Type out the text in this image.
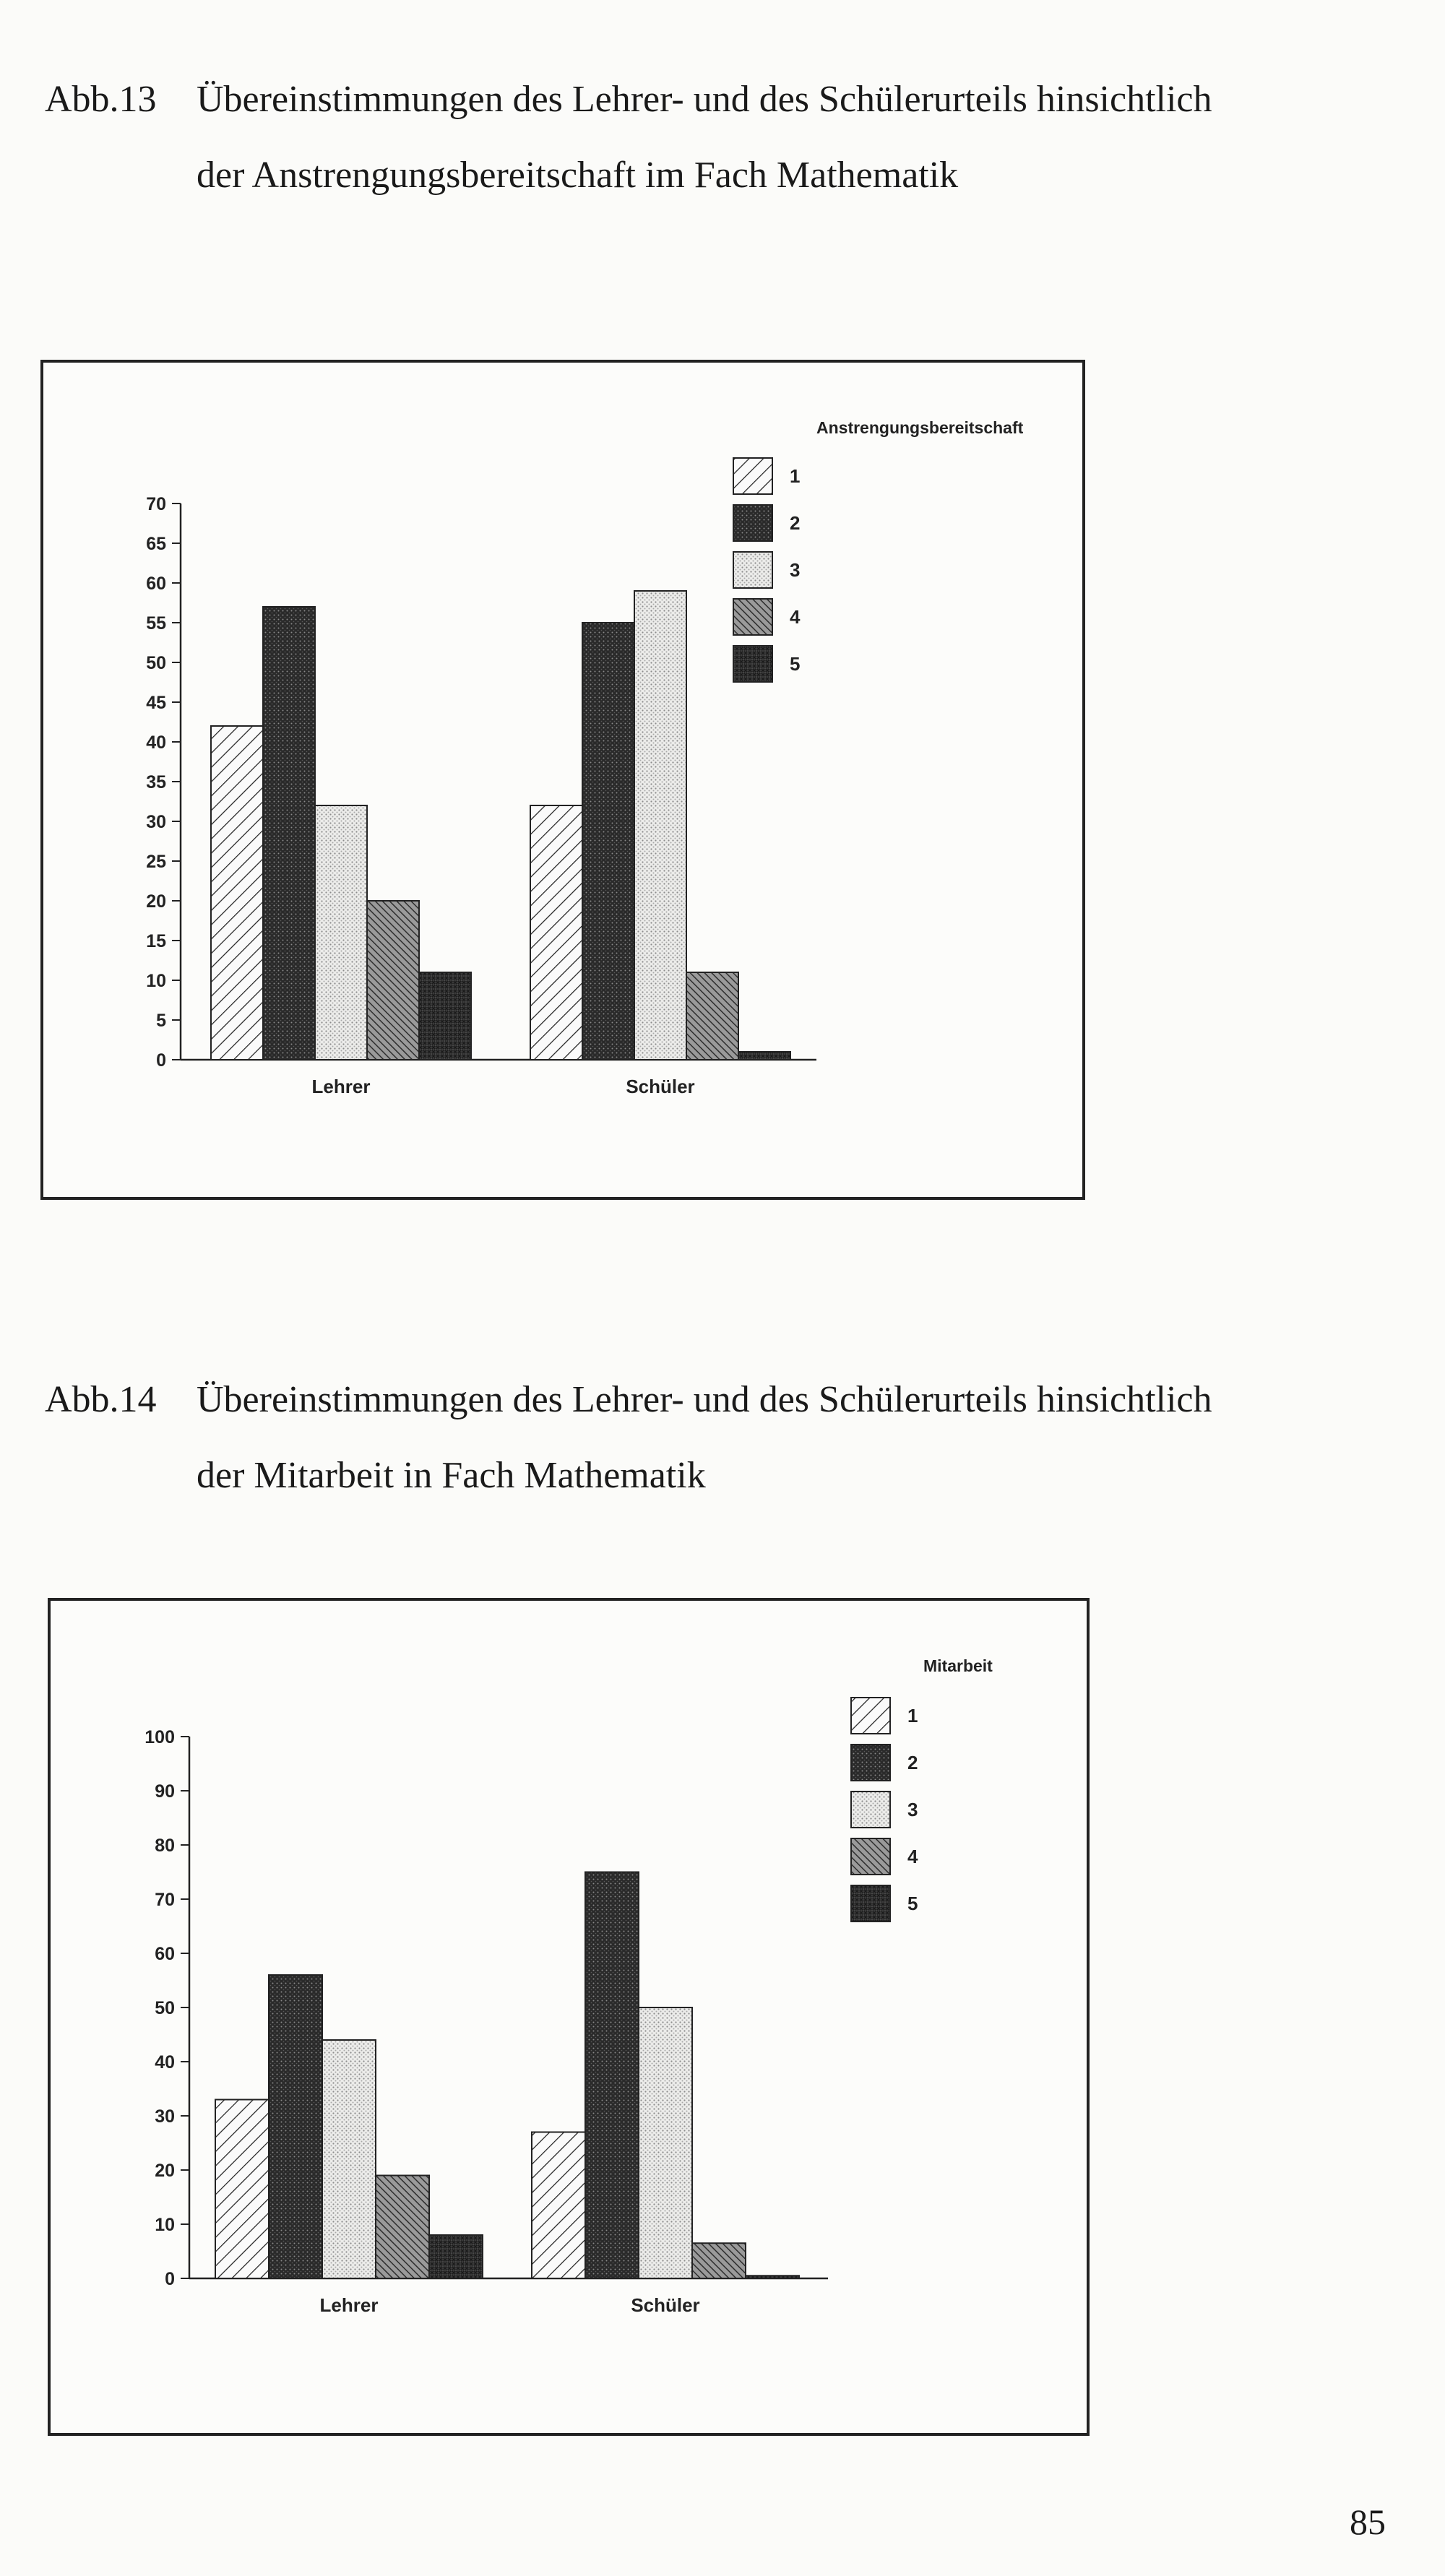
Abb.13 Übereinstimmungen des Lehrer- und des Schülerurteils hinsichtlich
der Anstrengungsbereitschaft im Fach Mathematik
0
5
10
15
20
25
30
35
40
45
50
55
60
65
70
Lehrer	Schüler
Anstrengungsbereitschaft
1
2
3
4
5
Abb.14 Übereinstimmungen des Lehrer- und des Schülerurteils hinsichtlich
der Mitarbeit in Fach Mathematik
0
10
20
30
40
50
60
70
80
90
100
Lehrer	Schüler
Mitarbeit
1
2
3
4
5
85
